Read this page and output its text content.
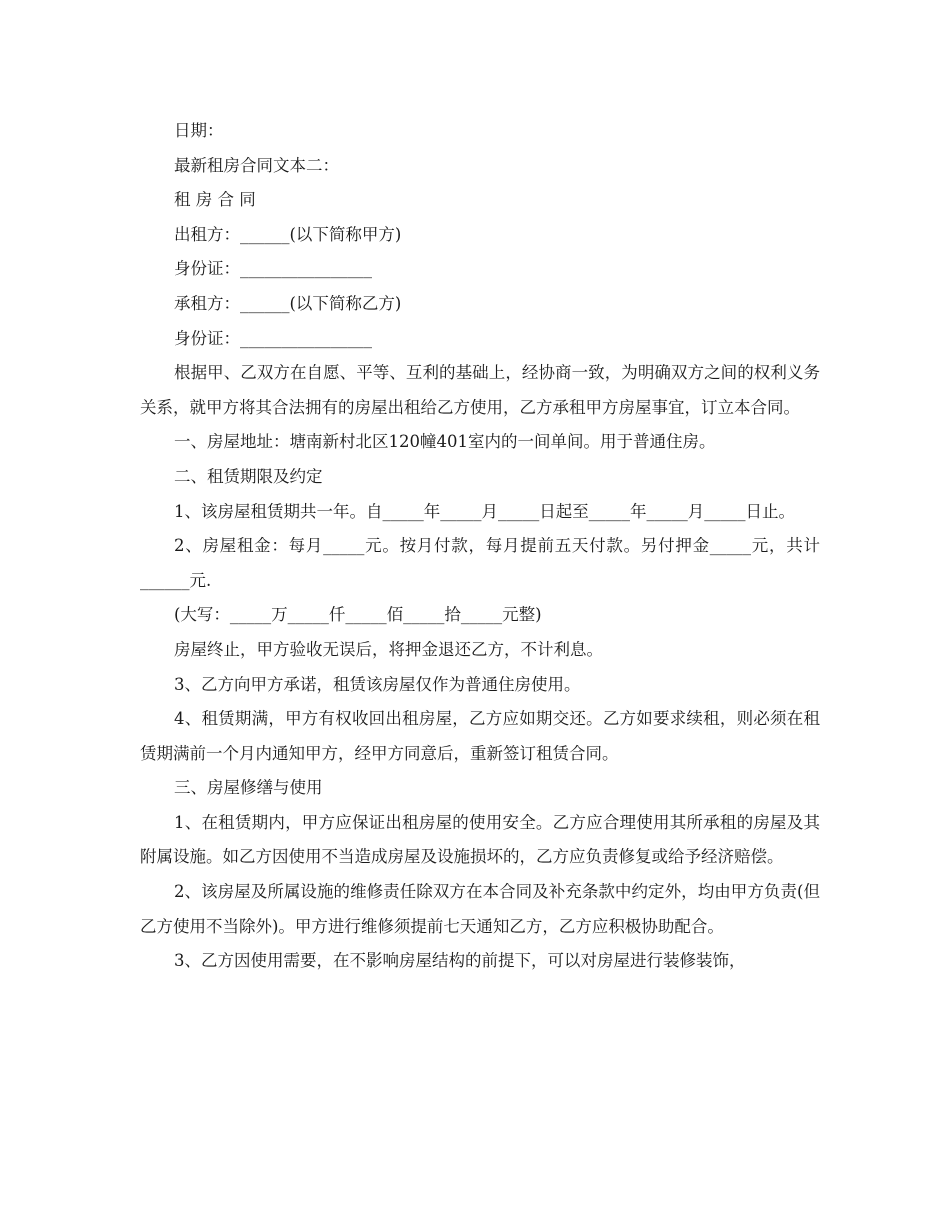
日期：

最新租房合同文本二：

租 房 合 同

出租方：______(以下简称甲方)

身份证：________________

承租方：______(以下简称乙方)

身份证：________________

根据甲、乙双方在自愿、平等、互利的基础上，经协商一致，为明确双方之间的权利义务关系，就甲方将其合法拥有的房屋出租给乙方使用，乙方承租甲方房屋事宜，订立本合同。

一、房屋地址：塘南新村北区120幢401室内的一间单间。用于普通住房。

二、租赁期限及约定

1、该房屋租赁期共一年。自_____年_____月_____日起至_____年_____月_____日止。

2、房屋租金：每月_____元。按月付款，每月提前五天付款。另付押金_____元，共计______元.

(大写：_____万_____仟_____佰_____拾_____元整)

房屋终止，甲方验收无误后，将押金退还乙方，不计利息。

3、乙方向甲方承诺，租赁该房屋仅作为普通住房使用。

4、租赁期满，甲方有权收回出租房屋，乙方应如期交还。乙方如要求续租，则必须在租赁期满前一个月内通知甲方，经甲方同意后，重新签订租赁合同。

三、房屋修缮与使用

1、在租赁期内，甲方应保证出租房屋的使用安全。乙方应合理使用其所承租的房屋及其附属设施。如乙方因使用不当造成房屋及设施损坏的，乙方应负责修复或给予经济赔偿。

2、该房屋及所属设施的维修责任除双方在本合同及补充条款中约定外，均由甲方负责(但乙方使用不当除外)。甲方进行维修须提前七天通知乙方，乙方应积极协助配合。

3、乙方因使用需要，在不影响房屋结构的前提下，可以对房屋进行装修装饰，
